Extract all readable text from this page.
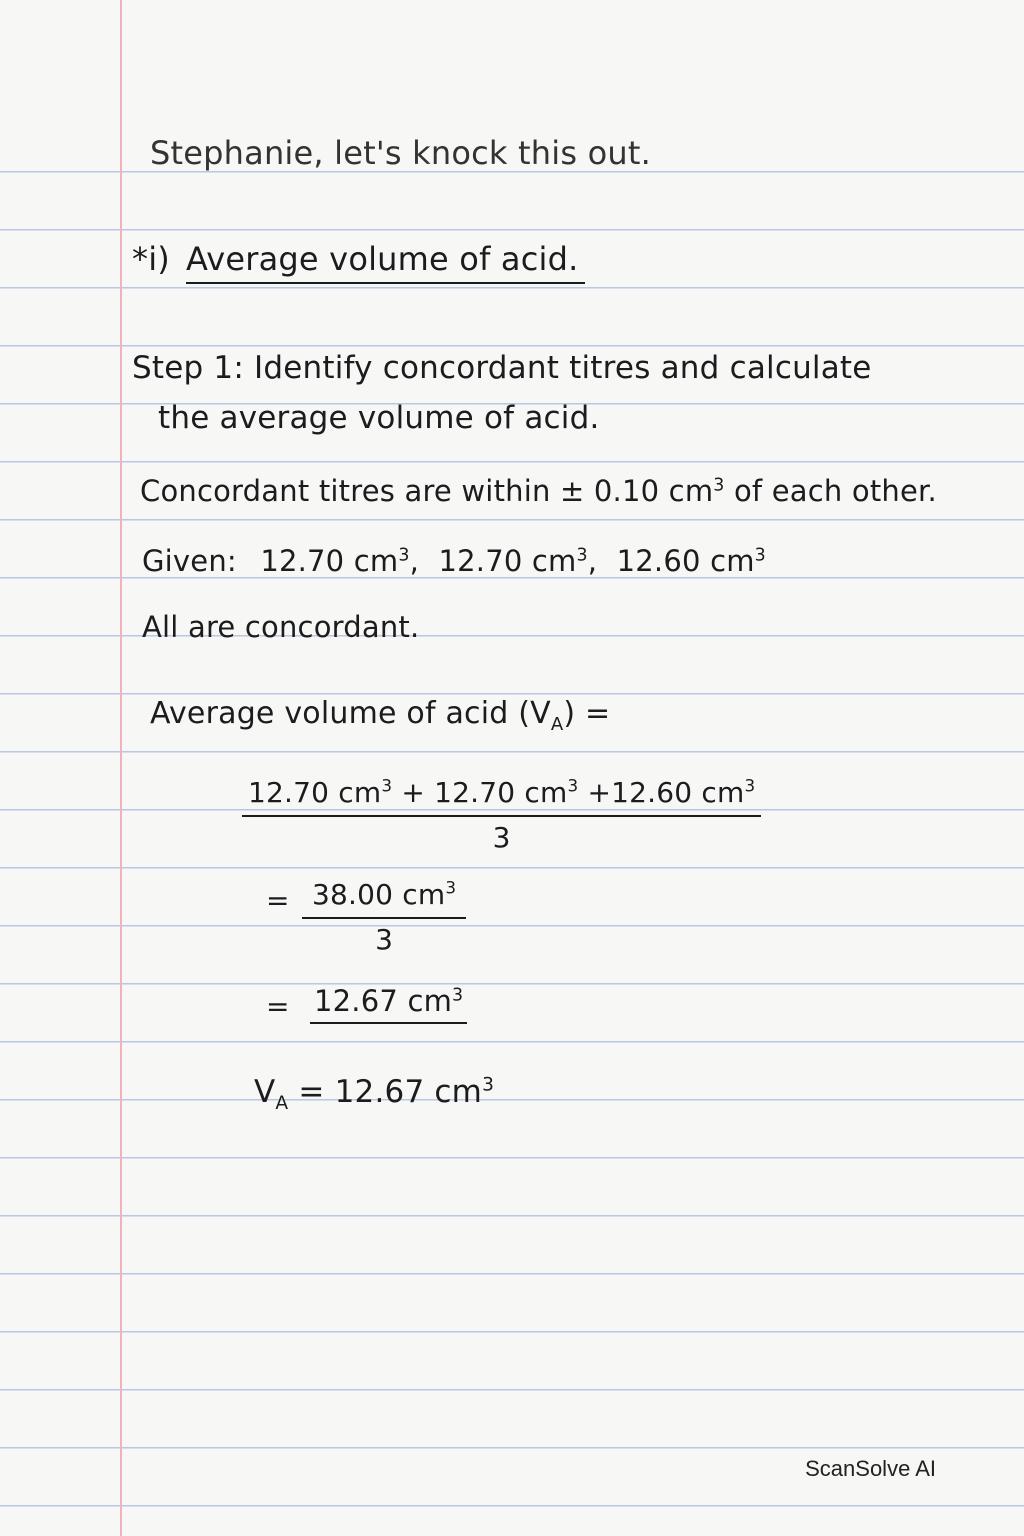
Stephanie, let's knock this out.
*i) Average volume of acid.
Step 1: Identify concordant titres and calculate
the average volume of acid.
Concordant titres are within ± 0.10 $cm^3$ of each other.
Given: 12.70 $cm^3$, 12.70 $cm^3$, 12.60 $cm^3$
All are concordant.
Average volume of acid $(V_A)$ =
$\frac{12.70 cm^3 + 12.70 cm^3 +12.60 cm^3}{3}$
= $\frac{38.00 cm^3}{3}$
= 12.67 $cm^3$
$V_A = 12.67$ $cm^3$
ScanSolve AI
